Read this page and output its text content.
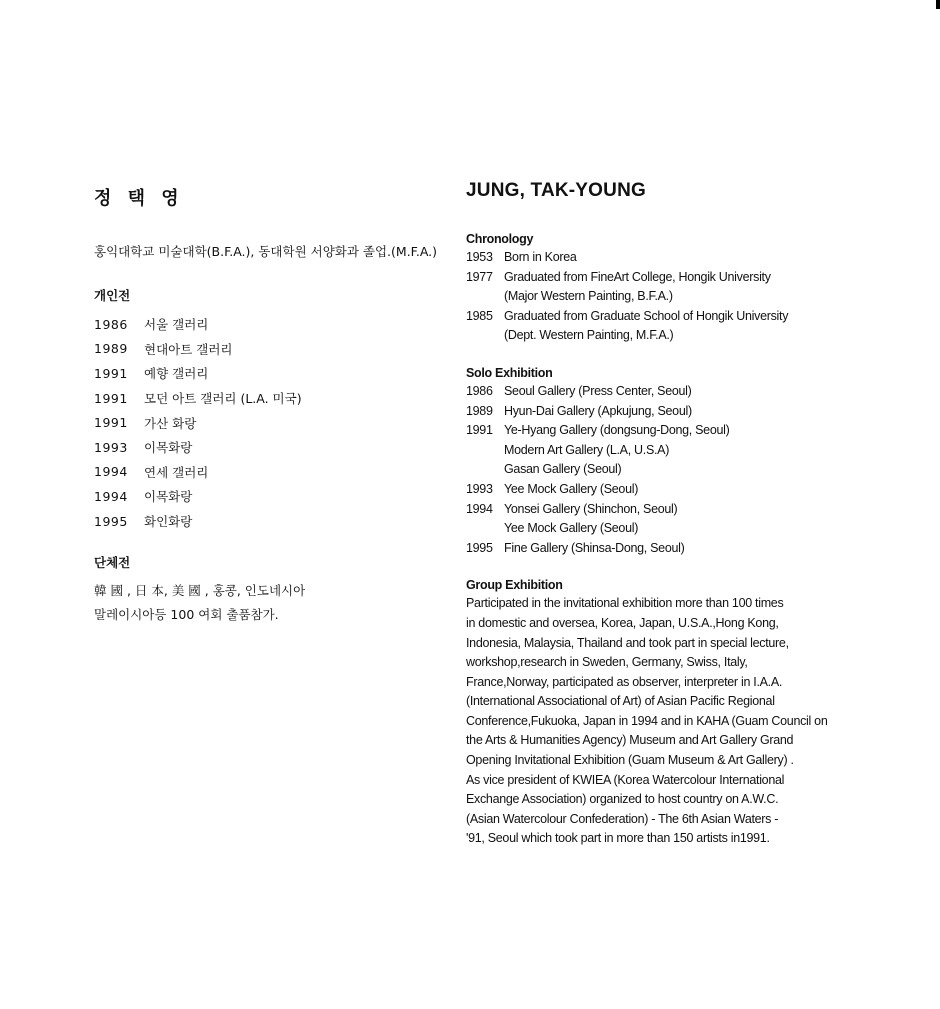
정 택 영

홍익대학교 미술대학(B.F.A.), 동대학원 서양화과 졸업.(M.F.A.)

개인전
1986	서울 갤러리
1989	현대아트 갤러리
1991	예향 갤러리
1991	모던 아트 갤러리 (L.A. 미국)
1991	가산 화랑
1993	이목화랑
1994	연세 갤러리
1994	이목화랑
1995	화인화랑
단체전
韓 國 , 日 本, 美 國 , 홍콩, 인도네시아
말레이시아등 100 여회 출품참가.
JUNG, TAK-YOUNG
Chronology
1953 Born in Korea
1977 Graduated from FineArt College, Hongik University
(Major Western Painting, B.F.A.)
1985 Graduated from Graduate School of Hongik University
(Dept. Western Painting, M.F.A.)
Solo Exhibition
1986 Seoul Gallery (Press Center, Seoul)
1989 Hyun-Dai Gallery (Apkujung, Seoul)
1991 Ye-Hyang Gallery (dongsung-Dong, Seoul)
Modern Art Gallery (L.A, U.S.A)
Gasan Gallery (Seoul)
1993 Yee Mock Gallery (Seoul)
1994 Yonsei Gallery (Shinchon, Seoul)
Yee Mock Gallery (Seoul)
1995 Fine Gallery (Shinsa-Dong, Seoul)
Group Exhibition
Participated in the invitational exhibition more than 100 times
in domestic and oversea, Korea, Japan, U.S.A.,Hong Kong,
Indonesia, Malaysia, Thailand and took part in special lecture,
workshop,research in Sweden, Germany, Swiss, Italy,
France,Norway, participated as observer, interpreter in I.A.A.
(International Associational of Art) of Asian Pacific Regional
Conference,Fukuoka, Japan in 1994 and in KAHA (Guam Council on
the Arts & Humanities Agency) Museum and Art Gallery Grand
Opening Invitational Exhibition (Guam Museum & Art Gallery) .
As vice president of KWIEA (Korea Watercolour International
Exchange Association) organized to host country on A.W.C.
(Asian Watercolour Confederation) - The 6th Asian Waters -
'91, Seoul which took part in more than 150 artists in1991.
